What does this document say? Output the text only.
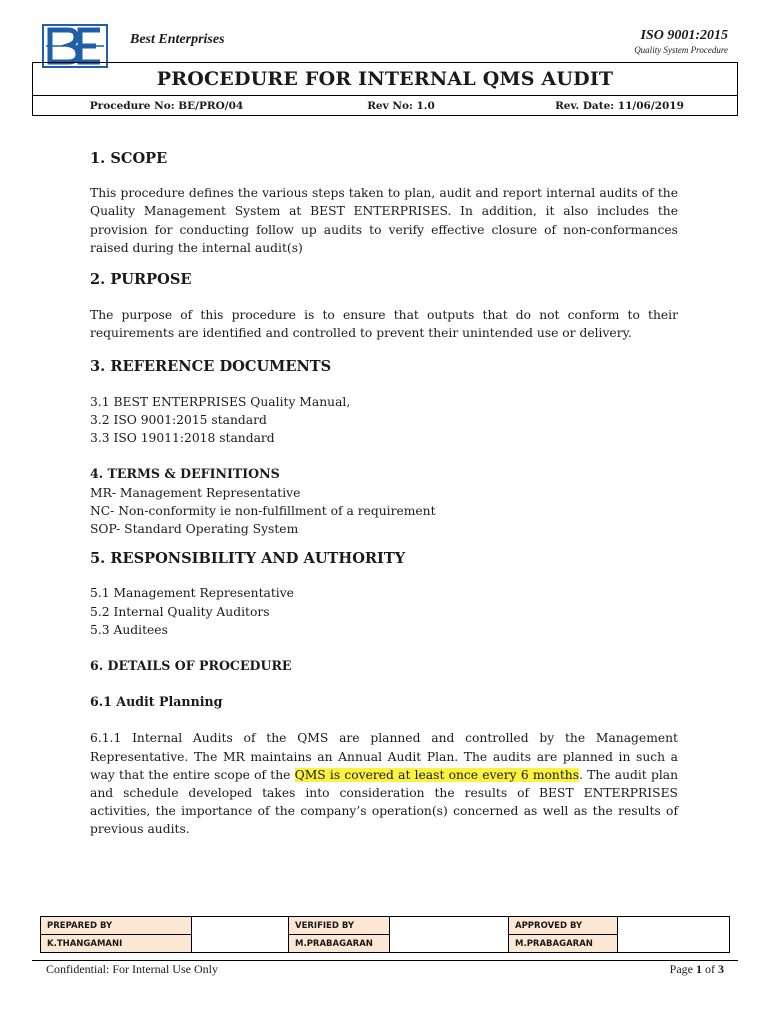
Best Enterprises	ISO 9001:2015
Quality System Procedure
PROCEDURE FOR INTERNAL QMS AUDIT
Procedure No: BE/PRO/04	Rev No: 1.0	Rev. Date: 11/06/2019
1. SCOPE

This procedure defines the various steps taken to plan, audit and report internal audits of the Quality Management System at BEST ENTERPRISES. In addition, it also includes the provision for conducting follow up audits to verify effective closure of non-conformances raised during the internal audit(s)

2. PURPOSE

The purpose of this procedure is to ensure that outputs that do not conform to their requirements are identified and controlled to prevent their unintended use or delivery.

3. REFERENCE DOCUMENTS
3.1 BEST ENTERPRISES Quality Manual,
3.2 ISO 9001:2015 standard
3.3 ISO 19011:2018 standard
4. TERMS & DEFINITIONS
MR- Management Representative
NC- Non-conformity ie non-fulfillment of a requirement
SOP- Standard Operating System
5. RESPONSIBILITY AND AUTHORITY
5.1 Management Representative
5.2 Internal Quality Auditors
5.3 Auditees
6. DETAILS OF PROCEDURE
6.1 Audit Planning

6.1.1 Internal Audits of the QMS are planned and controlled by the Management Representative. The MR maintains an Annual Audit Plan. The audits are planned in such a way that the entire scope of the QMS is covered at least once every 6 months. The audit plan and schedule developed takes into consideration the results of BEST ENTERPRISES activities, the importance of the company’s operation(s) concerned as well as the results of previous audits.

PREPARED BY		VERIFIED BY		APPROVED BY	
K.THANGAMANI		M.PRABAGARAN		M.PRABAGARAN	
Confidential: For Internal Use Only	Page 1 of 3
